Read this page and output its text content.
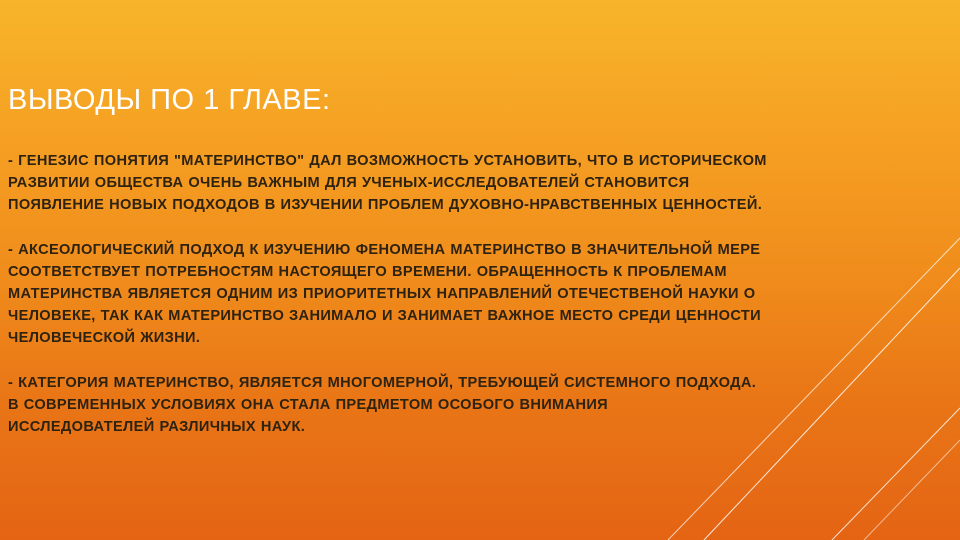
ВЫВОДЫ ПО 1 ГЛАВЕ:

- ГЕНЕЗИС ПОНЯТИЯ "МАТЕРИНСТВО" ДАЛ ВОЗМОЖНОСТЬ УСТАНОВИТЬ, ЧТО В ИСТОРИЧЕСКОМ
РАЗВИТИИ ОБЩЕСТВА ОЧЕНЬ ВАЖНЫМ ДЛЯ УЧЕНЫХ-ИССЛЕДОВАТЕЛЕЙ СТАНОВИТСЯ
ПОЯВЛЕНИЕ НОВЫХ ПОДХОДОВ В ИЗУЧЕНИИ ПРОБЛЕМ ДУХОВНО-НРАВСТВЕННЫХ ЦЕННОСТЕЙ.

- АКСЕОЛОГИЧЕСКИЙ ПОДХОД К ИЗУЧЕНИЮ ФЕНОМЕНА МАТЕРИНСТВО В ЗНАЧИТЕЛЬНОЙ МЕРЕ
СООТВЕТСТВУЕТ ПОТРЕБНОСТЯМ НАСТОЯЩЕГО ВРЕМЕНИ. ОБРАЩЕННОСТЬ К ПРОБЛЕМАМ
МАТЕРИНСТВА ЯВЛЯЕТСЯ ОДНИМ ИЗ ПРИОРИТЕТНЫХ НАПРАВЛЕНИЙ ОТЕЧЕСТВЕНОЙ НАУКИ О
ЧЕЛОВЕКЕ, ТАК КАК МАТЕРИНСТВО ЗАНИМАЛО И ЗАНИМАЕТ ВАЖНОЕ МЕСТО СРЕДИ ЦЕННОСТИ
ЧЕЛОВЕЧЕСКОЙ ЖИЗНИ.

- КАТЕГОРИЯ МАТЕРИНСТВО, ЯВЛЯЕТСЯ МНОГОМЕРНОЙ, ТРЕБУЮЩЕЙ СИСТЕМНОГО ПОДХОДА.
В СОВРЕМЕННЫХ УСЛОВИЯХ ОНА СТАЛА ПРЕДМЕТОМ ОСОБОГО ВНИМАНИЯ
ИССЛЕДОВАТЕЛЕЙ РАЗЛИЧНЫХ НАУК.
